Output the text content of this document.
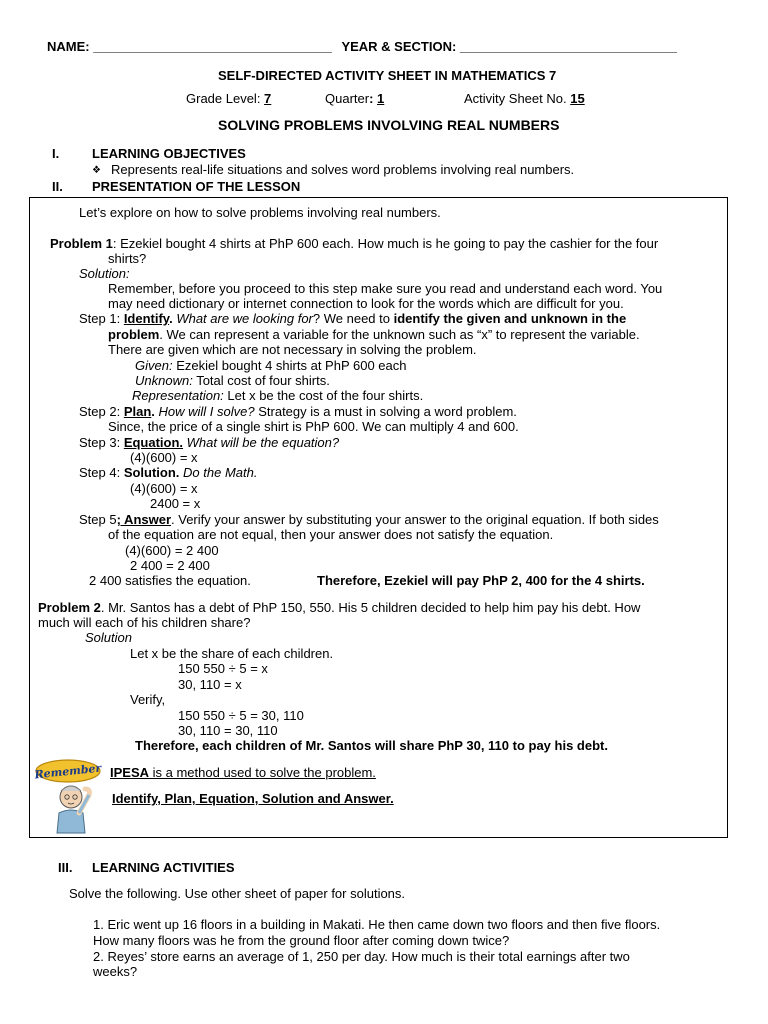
NAME: _________________________________ YEAR & SECTION: ______________________________
SELF-DIRECTED ACTIVITY SHEET IN MATHEMATICS 7
Grade Level: 7	Quarter: 1	Activity Sheet No. 15
SOLVING PROBLEMS INVOLVING REAL NUMBERS
I.	LEARNING OBJECTIVES
❖ Represents real-life situations and solves word problems involving real numbers.
II. PRESENTATION OF THE LESSON
Let’s explore on how to solve problems involving real numbers.
Problem 1: Ezekiel bought 4 shirts at PhP 600 each. How much is he going to pay the cashier for the four
shirts?
Solution:
Remember, before you proceed to this step make sure you read and understand each word. You
may need dictionary or internet connection to look for the words which are difficult for you.
Step 1: Identify. What are we looking for? We need to identify the given and unknown in the
problem. We can represent a variable for the unknown such as “x” to represent the variable.
There are given which are not necessary in solving the problem.
Given: Ezekiel bought 4 shirts at PhP 600 each
Unknown: Total cost of four shirts.
Representation: Let x be the cost of the four shirts.
Step 2: Plan. How will I solve? Strategy is a must in solving a word problem.
Since, the price of a single shirt is PhP 600. We can multiply 4 and 600.
Step 3: Equation. What will be the equation?
(4)(600) = x
Step 4: Solution. Do the Math.
(4)(600) = x
2400 = x
Step 5; Answer. Verify your answer by substituting your answer to the original equation. If both sides
of the equation are not equal, then your answer does not satisfy the equation.
(4)(600) = 2 400
2 400 = 2 400
2 400 satisfies the equation.	Therefore, Ezekiel will pay PhP 2, 400 for the 4 shirts.
Problem 2. Mr. Santos has a debt of PhP 150, 550. His 5 children decided to help him pay his debt. How
much will each of his children share?
Solution
Let x be the share of each children.
150 550 ÷ 5 = x
30, 110 = x
Verify,
150 550 ÷ 5 = 30, 110
30, 110 = 30, 110
Therefore, each children of Mr. Santos will share PhP 30, 110 to pay his debt.
Remember IPESA is a method used to solve the problem.
Identify, Plan, Equation, Solution and Answer.
III. LEARNING ACTIVITIES
Solve the following. Use other sheet of paper for solutions.
1. Eric went up 16 floors in a building in Makati. He then came down two floors and then five floors.
How many floors was he from the ground floor after coming down twice?
2. Reyes’ store earns an average of 1, 250 per day. How much is their total earnings after two
weeks?
